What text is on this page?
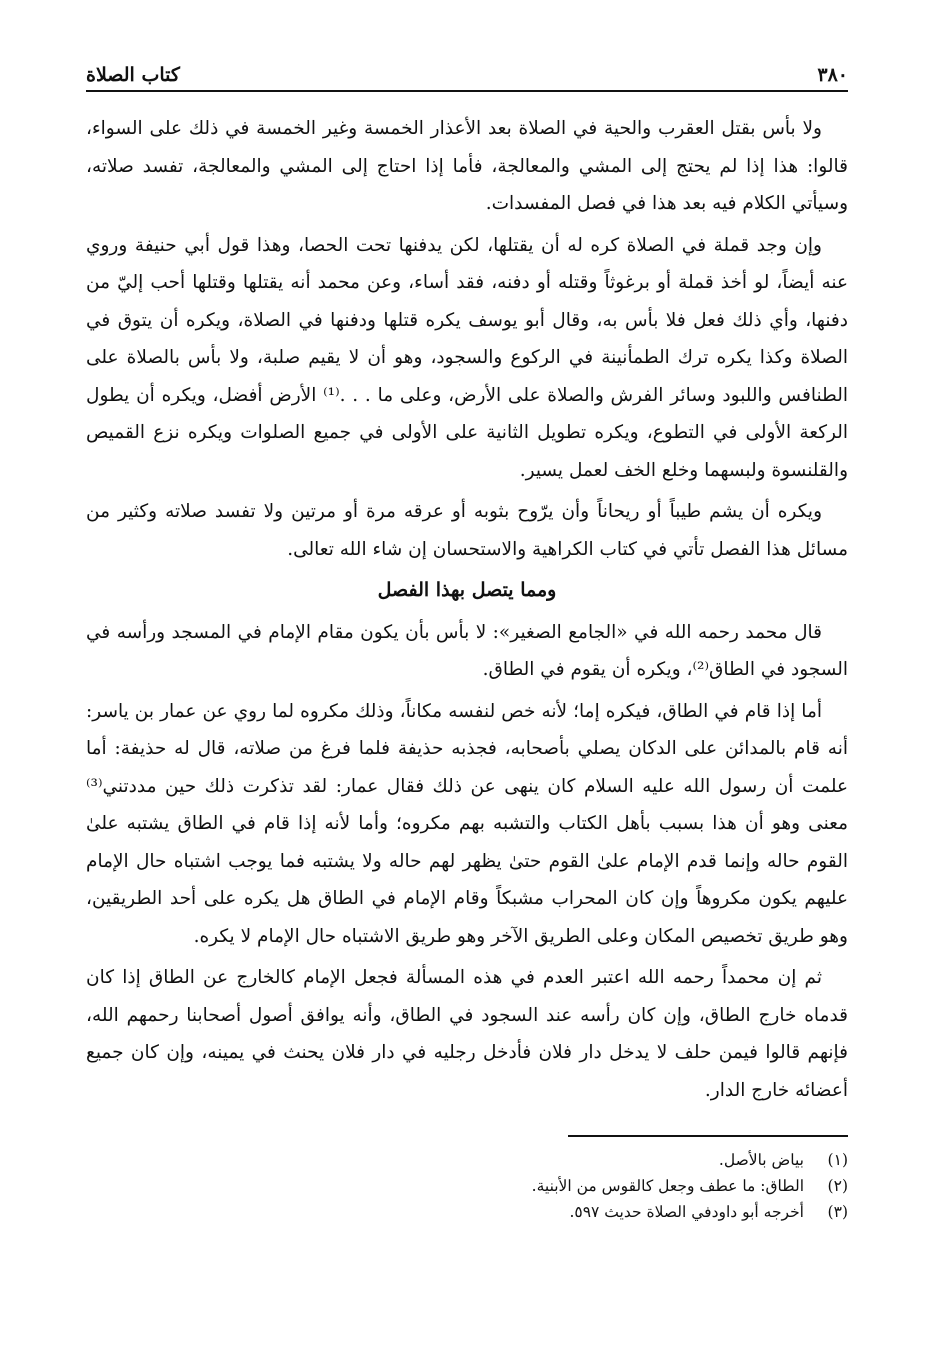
٣٨٠
كتاب الصلاة

ولا بأس بقتل العقرب والحية في الصلاة بعد الأعذار الخمسة وغير الخمسة في ذلك على السواء، قالوا: هذا إذا لم يحتج إلى المشي والمعالجة، فأما إذا احتاج إلى المشي والمعالجة، تفسد صلاته، وسيأتي الكلام فيه بعد هذا في فصل المفسدات.

وإن وجد قملة في الصلاة كره له أن يقتلها، لكن يدفنها تحت الحصا، وهذا قول أبي حنيفة وروي عنه أيضاً، لو أخذ قملة أو برغوثاً وقتله أو دفنه، فقد أساء، وعن محمد أنه يقتلها وقتلها أحب إليّ من دفنها، وأي ذلك فعل فلا بأس به، وقال أبو يوسف يكره قتلها ودفنها في الصلاة، ويكره أن يتوق في الصلاة وكذا يكره ترك الطمأنينة في الركوع والسجود، وهو أن لا يقيم صلبة، ولا بأس بالصلاة على الطنافس واللبود وسائر الفرش والصلاة على الأرض، وعلى ما . . .⁽¹⁾ الأرض أفضل، ويكره أن يطول الركعة الأولى في التطوع، ويكره تطويل الثانية على الأولى في جميع الصلوات ويكره نزع القميص والقلنسوة ولبسهما وخلع الخف لعمل يسير.

ويكره أن يشم طيباً أو ريحاناً وأن يرّوح بثوبه أو عرقه مرة أو مرتين ولا تفسد صلاته وكثير من مسائل هذا الفصل تأتي في كتاب الكراهية والاستحسان إن شاء الله تعالى.

ومما يتصل بهذا الفصل

قال محمد رحمه الله في «الجامع الصغير»: لا بأس بأن يكون مقام الإمام في المسجد ورأسه في السجود في الطاق⁽²⁾، ويكره أن يقوم في الطاق.

أما إذا قام في الطاق، فيكره إما؛ لأنه خص لنفسه مكاناً، وذلك مكروه لما روي عن عمار بن ياسر: أنه قام بالمدائن على الدكان يصلي بأصحابه، فجذبه حذيفة فلما فرغ من صلاته، قال له حذيفة: أما علمت أن رسول الله عليه السلام كان ينهى عن ذلك فقال عمار: لقد تذكرت ذلك حين مددتني⁽³⁾ معنى وهو أن هذا بسبب بأهل الكتاب والتشبه بهم مكروه؛ وأما لأنه إذا قام في الطاق يشتبه علىٰ القوم حاله وإنما قدم الإمام علىٰ القوم حتىٰ يظهر لهم حاله ولا يشتبه فما يوجب اشتباه حال الإمام عليهم يكون مكروهاً وإن كان المحراب مشبكاً وقام الإمام في الطاق هل يكره على أحد الطريقين، وهو طريق تخصيص المكان وعلى الطريق الآخر وهو طريق الاشتباه حال الإمام لا يكره.

ثم إن محمداً رحمه الله اعتبر العدم في هذه المسألة فجعل الإمام كالخارج عن الطاق إذا كان قدماه خارج الطاق، وإن كان رأسه عند السجود في الطاق، وأنه يوافق أصول أصحابنا رحمهم الله، فإنهم قالوا فيمن حلف لا يدخل دار فلان فأدخل رجليه في دار فلان يحنث في يمينه، وإن كان جميع أعضائه خارج الدار.

(١)
بياض بالأصل.
(٢)
الطاق: ما عطف وجعل كالقوس من الأبنية.
(٣)
أخرجه أبو داودفي الصلاة حديث ٥٩٧.
